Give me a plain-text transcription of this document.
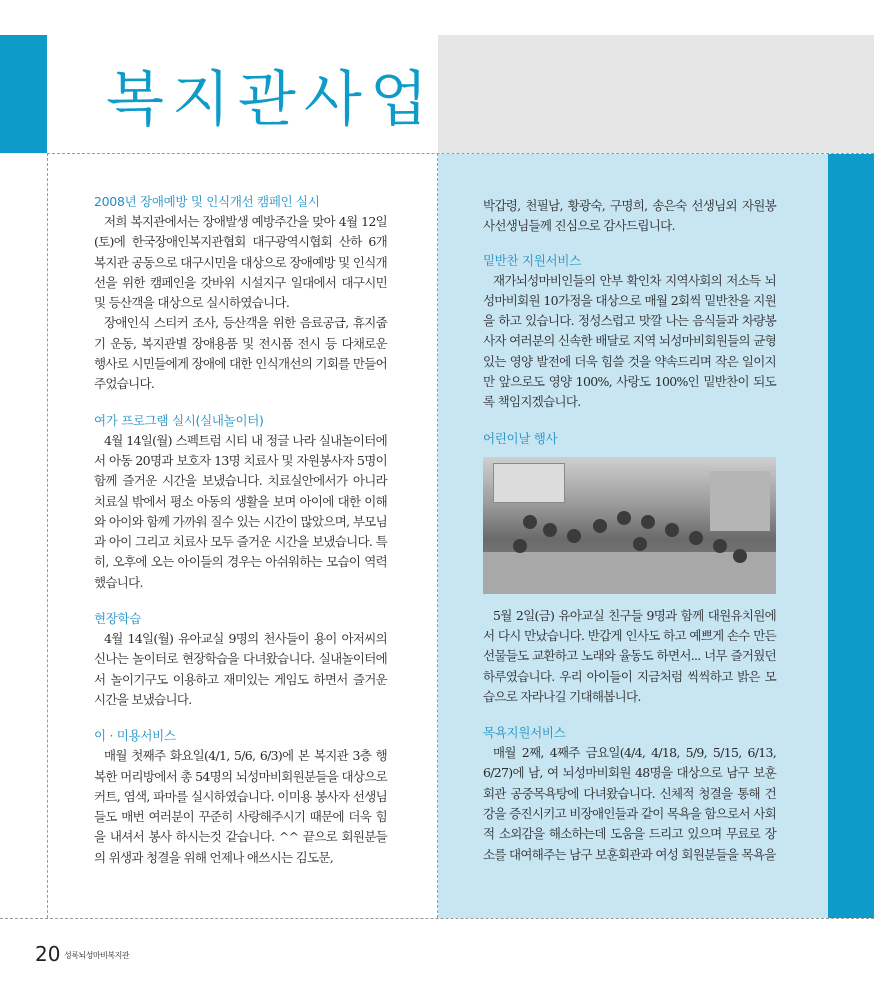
복지관사업
2008년 장애예방 및 인식개선 캠페인 실시

저희 복지관에서는 장애발생 예방주간을 맞아 4월 12일(토)에 한국장애인복지관협회 대구광역시협회 산하 6개 복지관 공동으로 대구시민을 대상으로 장애예방 및 인식개선을 위한 캠페인을 갓바위 시설지구 일대에서 대구시민 및 등산객을 대상으로 실시하였습니다.

장애인식 스티커 조사, 등산객을 위한 음료공급, 휴지줍기 운동, 복지관별 장애용품 및 전시품 전시 등 다채로운 행사로 시민들에게 장애에 대한 인식개선의 기회를 만들어 주었습니다.

여가 프로그램 실시(실내놀이터)

4월 14일(월) 스펙트럼 시티 내 정글 나라 실내놀이터에서 아동 20명과 보호자 13명 치료사 및 자원봉사자 5명이 함께 즐거운 시간을 보냈습니다. 치료실안에서가 아니라 치료실 밖에서 평소 아동의 생활을 보며 아이에 대한 이해와 아이와 함께 가까워 질수 있는 시간이 많았으며, 부모님과 아이 그리고 치료사 모두 즐거운 시간을 보냈습니다. 특히, 오후에 오는 아이들의 경우는 아쉬워하는 모습이 역력했습니다.

현장학습

4월 14일(월) 유아교실 9명의 천사들이 용이 아저씨의 신나는 놀이터로 현장학습을 다녀왔습니다. 실내놀이터에서 놀이기구도 이용하고 재미있는 게임도 하면서 즐거운 시간을 보냈습니다.

이 · 미용서비스

매월 첫째주 화요일(4/1, 5/6, 6/3)에 본 복지관 3층 행복한 머리방에서 총 54명의 뇌성마비회원분들을 대상으로 커트, 염색, 파마를 실시하였습니다. 이미용 봉사자 선생님들도 매번 여러분이 꾸준히 사랑해주시기 때문에 더욱 힘을 내셔서 봉사 하시는것 같습니다. ^^ 끝으로 회원분들의 위생과 청결을 위해 언제나 애쓰시는 김도문,

박갑령, 천필남, 황광숙, 구명희, 송은숙 선생님외 자원봉사선생님들께 진심으로 감사드립니다.

밑반찬 지원서비스

재가뇌성마비인들의 안부 확인차 지역사회의 저소득 뇌성마비회원 10가정을 대상으로 매월 2회씩 밑반찬을 지원을 하고 있습니다. 정성스럽고 맛깔 나는 음식들과 차량봉사자 여러분의 신속한 배달로 지역 뇌성마비회원들의 균형있는 영양 발전에 더욱 힘쓸 것을 약속드리며 작은 일이지만 앞으로도 영양 100%, 사랑도 100%인 밑반찬이 되도록 책임지겠습니다.

어린이날 행사

5월 2일(금) 유아교실 친구들 9명과 함께 대원유치원에서 다시 만났습니다. 반갑게 인사도 하고 예쁘게 손수 만든 선물들도 교환하고 노래와 율동도 하면서... 너무 즐거웠던 하루였습니다. 우리 아이들이 지금처럼 씩씩하고 밝은 모습으로 자라나길 기대해봅니다.

목욕지원서비스

매월 2째, 4째주 금요일(4/4, 4/18, 5/9, 5/15, 6/13, 6/27)에 남, 여 뇌성마비회원 48명을 대상으로 남구 보훈회관 공중목욕탕에 다녀왔습니다. 신체적 청결을 통해 건강을 증진시키고 비장애인들과 같이 목욕을 함으로서 사회적 소외감을 해소하는데 도움을 드리고 있으며 무료로 장소를 대여해주는 남구 보훈회관과 여성 회원분들을 목욕을

20 성록뇌성마비복지관
